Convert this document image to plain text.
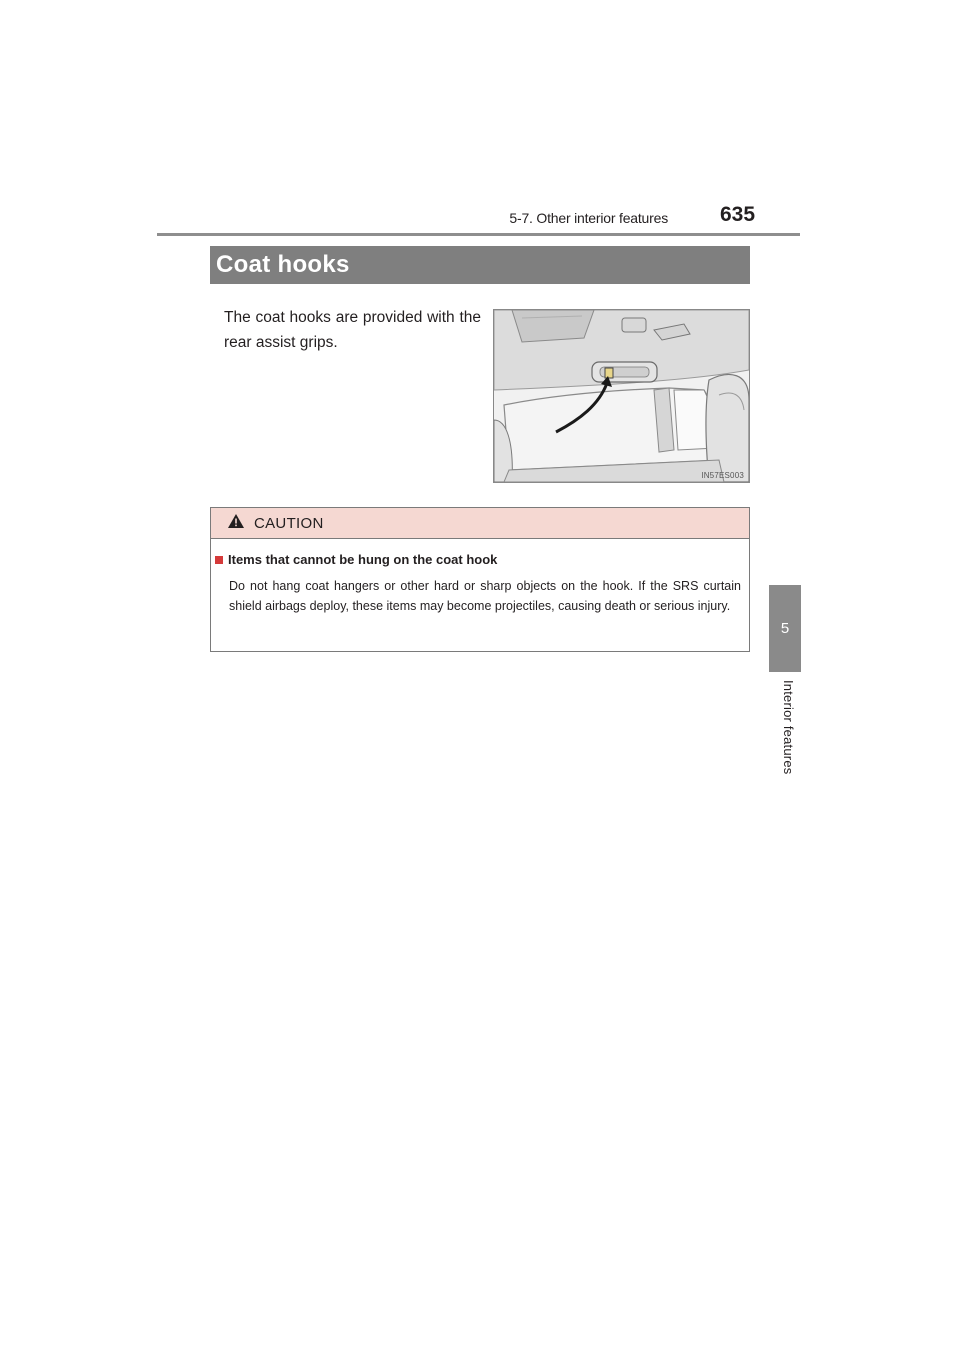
5-7. Other interior features 635
5
Interior features
Coat hooks
The coat hooks are provided with the rear assist grips.
IN57ES003
CAUTION
Items that cannot be hung on the coat hook
Do not hang coat hangers or other hard or sharp objects on the hook. If the SRS curtain shield airbags deploy, these items may become projectiles, causing death or serious injury.
